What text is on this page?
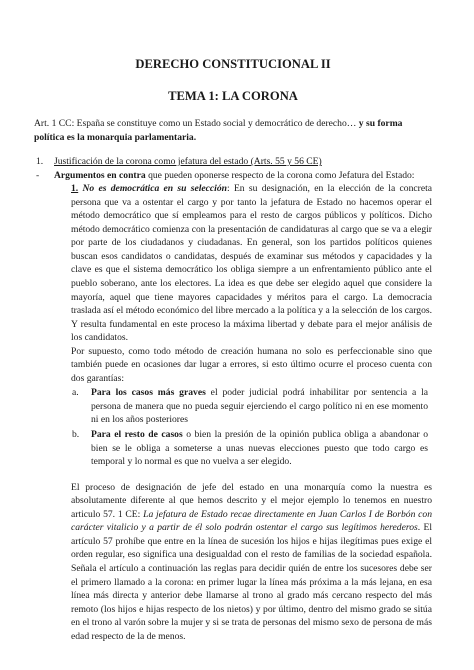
DERECHO CONSTITUCIONAL II
TEMA 1: LA CORONA
Art. 1 CC: España se constituye como un Estado social y democrático de derecho… y su forma política es la monarquia parlamentaria.
1. Justificación de la corona como jefatura del estado (Arts. 55 y 56 CE)
- Argumentos en contra que pueden oponerse respecto de la corona como Jefatura del Estado:

1. No es democrática en su selección: En su designación, en la elección de la concreta persona que va a ostentar el cargo y por tanto la jefatura de Estado no hacemos operar el método democrático que sí empleamos para el resto de cargos públicos y políticos. Dicho método democrático comienza con la presentación de candidaturas al cargo que se va a elegir por parte de los ciudadanos y ciudadanas. En general, son los partidos políticos quienes buscan esos candidatos o candidatas, después de examinar sus métodos y capacidades y la clave es que el sistema democrático los obliga siempre a un enfrentamiento público ante el pueblo soberano, ante los electores. La idea es que debe ser elegido aquel que considere la mayoría, aquel que tiene mayores capacidades y méritos para el cargo. La democracia traslada así el método económico del libre mercado a la política y a la selección de los cargos. Y resulta fundamental en este proceso la máxima libertad y debate para el mejor análisis de los candidatos.

Por supuesto, como todo método de creación humana no solo es perfeccionable sino que también puede en ocasiones dar lugar a errores, si esto último ocurre el proceso cuenta con dos garantías:

a. Para los casos más graves el poder judicial podrá inhabilitar por sentencia a la persona de manera que no pueda seguir ejerciendo el cargo político ni en ese momento ni en los años posteriores
b. Para el resto de casos o bien la presión de la opinión publica obliga a abandonar o bien se le obliga a someterse a unas nuevas elecciones puesto que todo cargo es temporal y lo normal es que no vuelva a ser elegido.

El proceso de designación de jefe del estado en una monarquía como la nuestra es absolutamente diferente al que hemos descrito y el mejor ejemplo lo tenemos en nuestro articulo 57. 1 CE: La jefatura de Estado recae directamente en Juan Carlos I de Borbón con carácter vitalicio y a partir de él solo podrán ostentar el cargo sus legítimos herederos. El artículo 57 prohíbe que entre en la línea de sucesión los hijos e hijas ilegítimas pues exige el orden regular, eso significa una desigualdad con el resto de familias de la sociedad española. Señala el artículo a continuación las reglas para decidir quién de entre los sucesores debe ser el primero llamado a la corona: en primer lugar la línea más próxima a la más lejana, en esa línea más directa y anterior debe llamarse al trono al grado más cercano respecto del más remoto (los hijos e hijas respecto de los nietos) y por último, dentro del mismo grado se sitúa en el trono al varón sobre la mujer y si se trata de personas del mismo sexo de persona de más edad respecto de la de menos.
